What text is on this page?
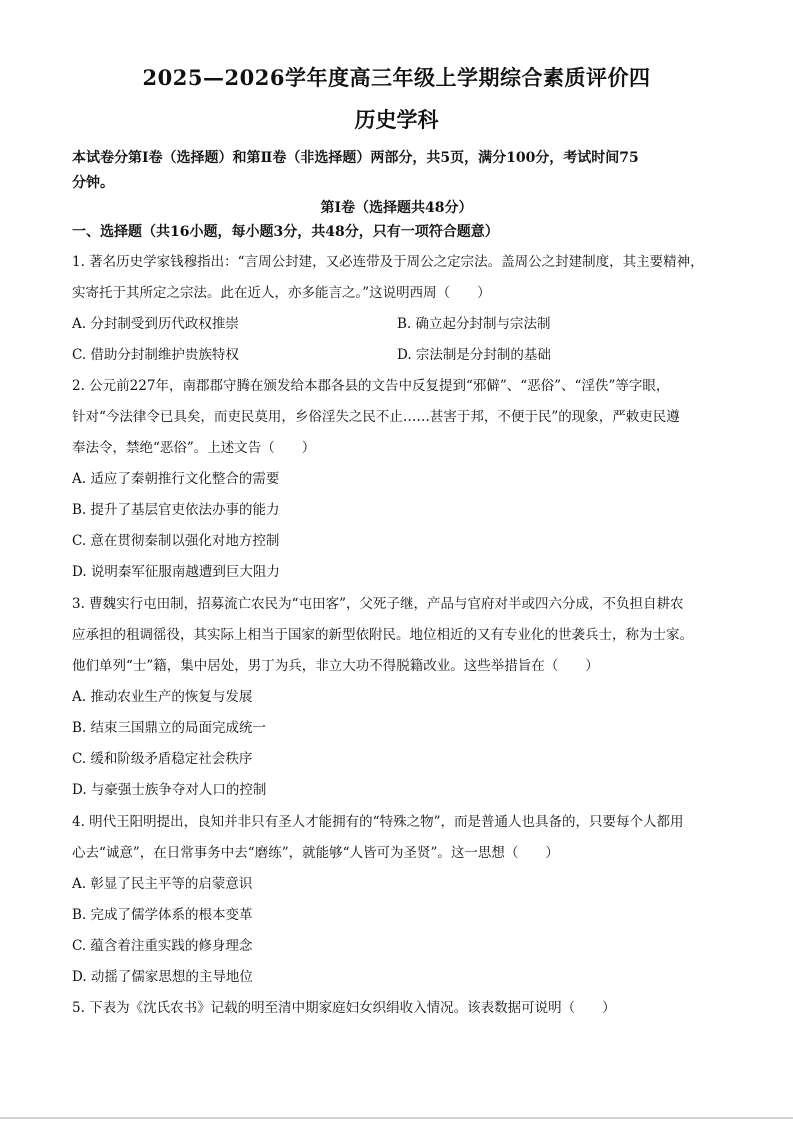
2025—2026学年度高三年级上学期综合素质评价四
历史学科
本试卷分第Ⅰ卷（选择题）和第Ⅱ卷（非选择题）两部分，共5页，满分100分，考试时间75
分钟。
第Ⅰ卷（选择题共48分）
一、选择题（共16小题，每小题3分，共48分，只有一项符合题意）
1. 著名历史学家钱穆指出：“言周公封建，又必连带及于周公之定宗法。盖周公之封建制度，其主要精神，
实寄托于其所定之宗法。此在近人，亦多能言之。”这说明西周（　　）
A. 分封制受到历代政权推崇	B. 确立起分封制与宗法制
C. 借助分封制维护贵族特权	D. 宗法制是分封制的基础
2. 公元前227年，南郡郡守腾在颁发给本郡各县的文告中反复提到“邪僻”、“恶俗”、“淫佚”等字眼，
针对“今法律令已具矣，而吏民莫用，乡俗淫失之民不止……甚害于邦，不便于民”的现象，严敕吏民遵
奉法令，禁绝“恶俗”。上述文告（　　）
A. 适应了秦朝推行文化整合的需要
B. 提升了基层官吏依法办事的能力
C. 意在贯彻秦制以强化对地方控制
D. 说明秦军征服南越遭到巨大阻力
3. 曹魏实行屯田制，招募流亡农民为“屯田客”，父死子继，产品与官府对半或四六分成，不负担自耕农
应承担的租调徭役，其实际上相当于国家的新型依附民。地位相近的又有专业化的世袭兵士，称为士家。
他们单列“士”籍，集中居处，男丁为兵，非立大功不得脱籍改业。这些举措旨在（　　）
A. 推动农业生产的恢复与发展
B. 结束三国鼎立的局面完成统一
C. 缓和阶级矛盾稳定社会秩序
D. 与豪强士族争夺对人口的控制
4. 明代王阳明提出，良知并非只有圣人才能拥有的“特殊之物”，而是普通人也具备的，只要每个人都用
心去“诚意”，在日常事务中去“磨练”，就能够“人皆可为圣贤”。这一思想（　　）
A. 彰显了民主平等的启蒙意识
B. 完成了儒学体系的根本变革
C. 蕴含着注重实践的修身理念
D. 动摇了儒家思想的主导地位
5. 下表为《沈氏农书》记载的明至清中期家庭妇女织绢收入情况。该表数据可说明（　　）
